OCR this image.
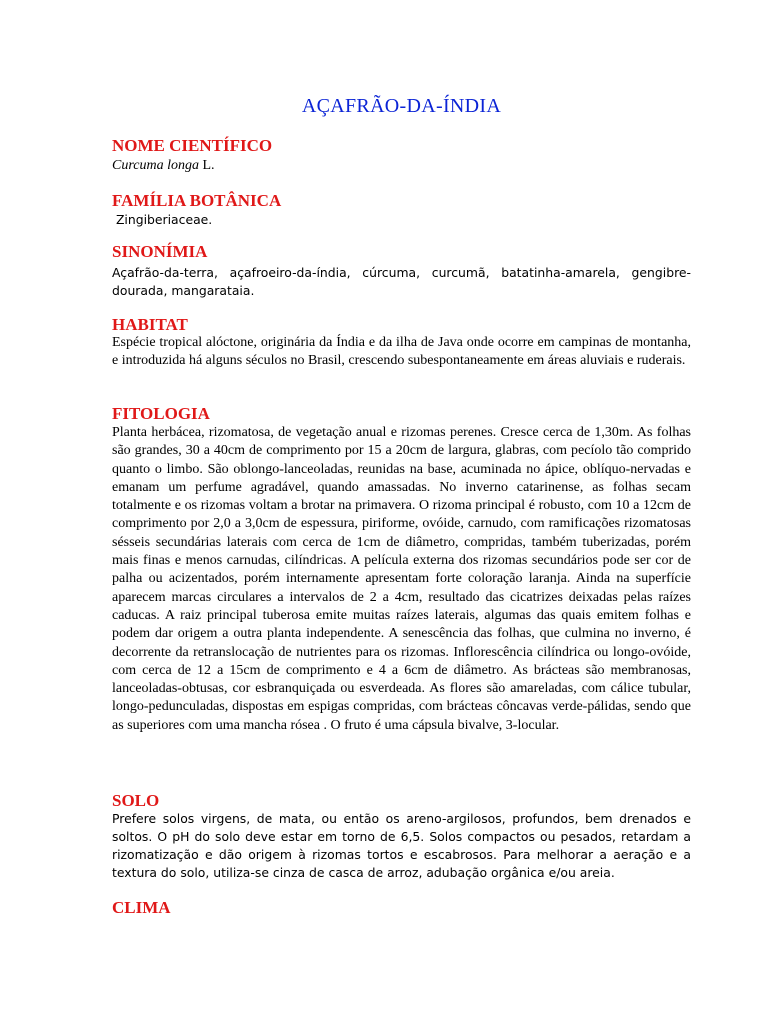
AÇAFRÃO-DA-ÍNDIA
NOME CIENTÍFICO
Curcuma longa L.
FAMÍLIA BOTÂNICA
Zingiberiaceae.
SINONÍMIA
Açafrão-da-terra, açafroeiro-da-índia, cúrcuma, curcumã, batatinha-amarela, gengibre-dourada, mangarataia.
HABITAT
Espécie tropical alóctone, originária da Índia e da ilha de Java onde ocorre em campinas de montanha, e introduzida há alguns séculos no Brasil, crescendo subespontaneamente em áreas aluviais e ruderais.
FITOLOGIA
Planta herbácea, rizomatosa, de vegetação anual e rizomas perenes. Cresce cerca de 1,30m. As folhas são grandes, 30 a 40cm de comprimento por 15 a 20cm de largura, glabras, com pecíolo tão comprido quanto o limbo. São oblongo-lanceoladas, reunidas na base, acuminada no ápice, oblíquo-nervadas e emanam um perfume agradável, quando amassadas. No inverno catarinense, as folhas secam totalmente e os rizomas voltam a brotar na primavera. O rizoma principal é robusto, com 10 a 12cm de comprimento por 2,0 a 3,0cm de espessura, piriforme, ovóide, carnudo, com ramificações rizomatosas sésseis secundárias laterais com cerca de 1cm de diâmetro, compridas, também tuberizadas, porém mais finas e menos carnudas, cilíndricas. A película externa dos rizomas secundários pode ser cor de palha ou acizentados, porém internamente apresentam forte coloração laranja. Ainda na superfície aparecem marcas circulares a intervalos de 2 a 4cm, resultado das cicatrizes deixadas pelas raízes caducas. A raiz principal tuberosa emite muitas raízes laterais, algumas das quais emitem folhas e podem dar origem a outra planta independente. A senescência das folhas, que culmina no inverno, é decorrente da retranslocação de nutrientes para os rizomas. Inflorescência cilíndrica ou longo-ovóide, com cerca de 12 a 15cm de comprimento e 4 a 6cm de diâmetro. As brácteas são membranosas, lanceoladas-obtusas, cor esbranquiçada ou esverdeada. As flores são amareladas, com cálice tubular, longo-pedunculadas, dispostas em espigas compridas, com brácteas côncavas verde-pálidas, sendo que as superiores com uma mancha rósea . O fruto é uma cápsula bivalve, 3-locular.
SOLO
Prefere solos virgens, de mata, ou então os areno-argilosos, profundos, bem drenados e soltos. O pH do solo deve estar em torno de 6,5. Solos compactos ou pesados, retardam a rizomatização e dão origem à rizomas tortos e escabrosos. Para melhorar a aeração e a textura do solo, utiliza-se cinza de casca de arroz, adubação orgânica e/ou areia.
CLIMA
